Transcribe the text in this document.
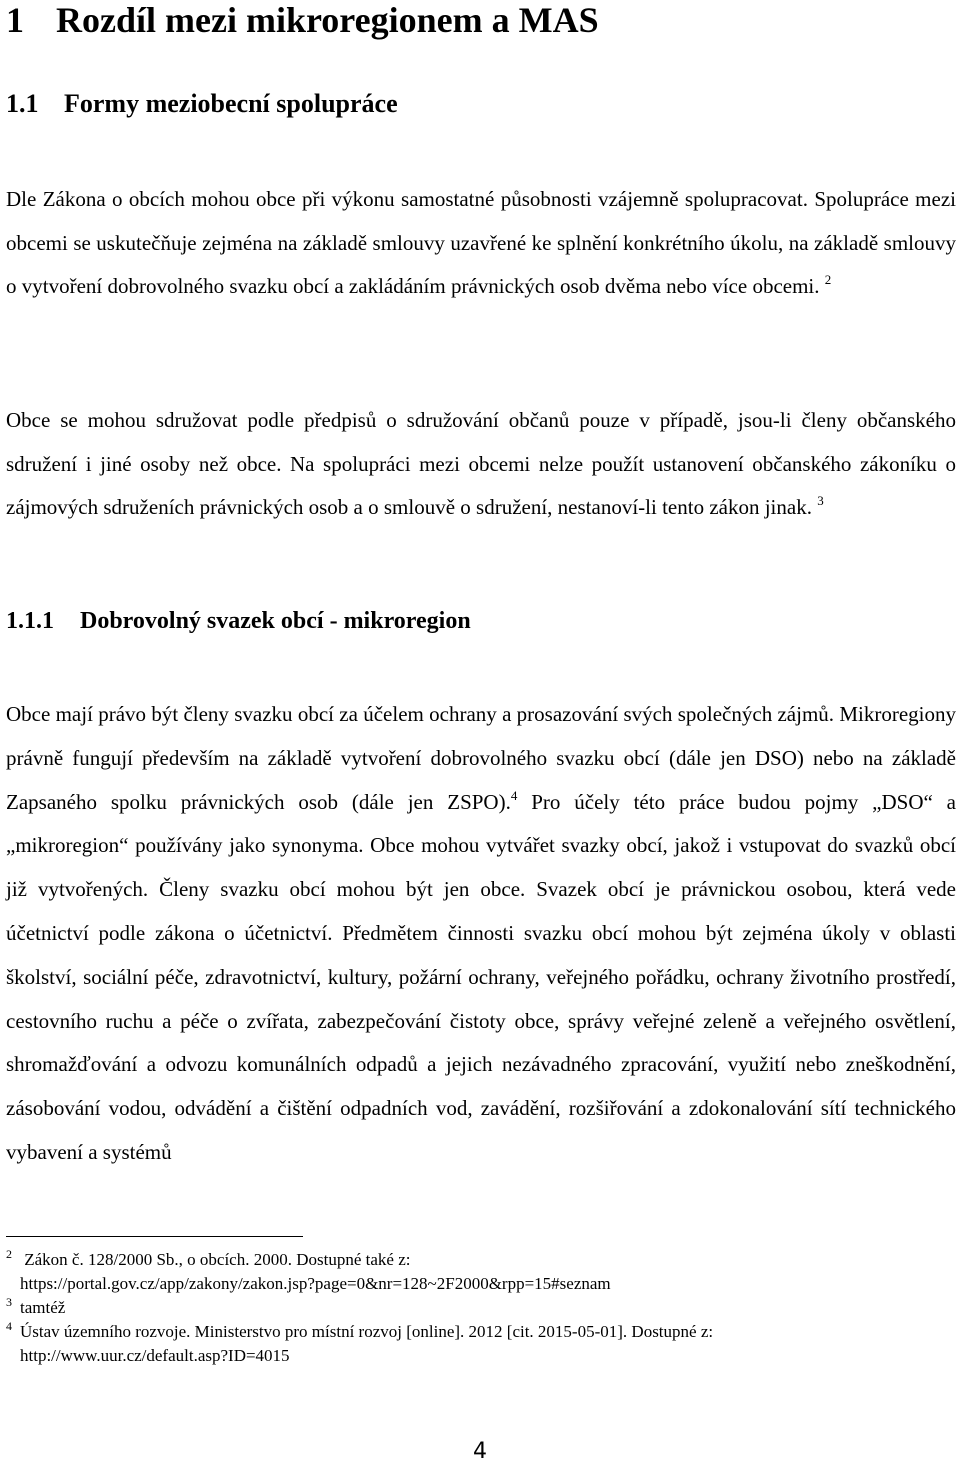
1 Rozdíl mezi mikroregionem a MAS
1.1 Formy meziobecní spolupráce

Dle Zákona o obcích mohou obce při výkonu samostatné působnosti vzájemně spolupracovat. Spolupráce mezi obcemi se uskutečňuje zejména na základě smlouvy uzavřené ke splnění konkrétního úkolu, na základě smlouvy o vytvoření dobrovolného svazku obcí a zakládáním právnických osob dvěma nebo více obcemi. $^2$

Obce se mohou sdružovat podle předpisů o sdružování občanů pouze v případě, jsou-li členy občanského sdružení i jiné osoby než obce. Na spolupráci mezi obcemi nelze použít ustanovení občanského zákoníku o zájmových sdruženích právnických osob a o smlouvě o sdružení, nestanoví-li tento zákon jinak. $^3$

1.1.1 Dobrovolný svazek obcí - mikroregion

Obce mají právo být členy svazku obcí za účelem ochrany a prosazování svých společných zájmů. Mikroregiony právně fungují především na základě vytvoření dobrovolného svazku obcí (dále jen DSO) nebo na základě Zapsaného spolku právnických osob (dále jen ZSPO).$^4$ Pro účely této práce budou pojmy „DSO“ a „mikroregion“ používány jako synonyma. Obce mohou vytvářet svazky obcí, jakož i vstupovat do svazků obcí již vytvořených. Členy svazku obcí mohou být jen obce. Svazek obcí je právnickou osobou, která vede účetnictví podle zákona o účetnictví. Předmětem činnosti svazku obcí mohou být zejména úkoly v oblasti školství, sociální péče, zdravotnictví, kultury, požární ochrany, veřejného pořádku, ochrany životního prostředí, cestovního ruchu a péče o zvířata, zabezpečování čistoty obce, správy veřejné zeleně a veřejného osvětlení, shromažďování a odvozu komunálních odpadů a jejich nezávadného zpracování, využití nebo zneškodnění, zásobování vodou, odvádění a čištění odpadních vod, zavádění, rozšiřování a zdokonalování sítí technického vybavení a systémů

2 Zákon č. 128/2000 Sb., o obcích. 2000. Dostupné také z:

https://portal.gov.cz/app/zakony/zakon.jsp?page=0&nr=128~2F2000&rpp=15#seznam

3 tamtéž

4 Ústav územního rozvoje. Ministerstvo pro místní rozvoj [online]. 2012 [cit. 2015-05-01]. Dostupné z:

http://www.uur.cz/default.asp?ID=4015

4
